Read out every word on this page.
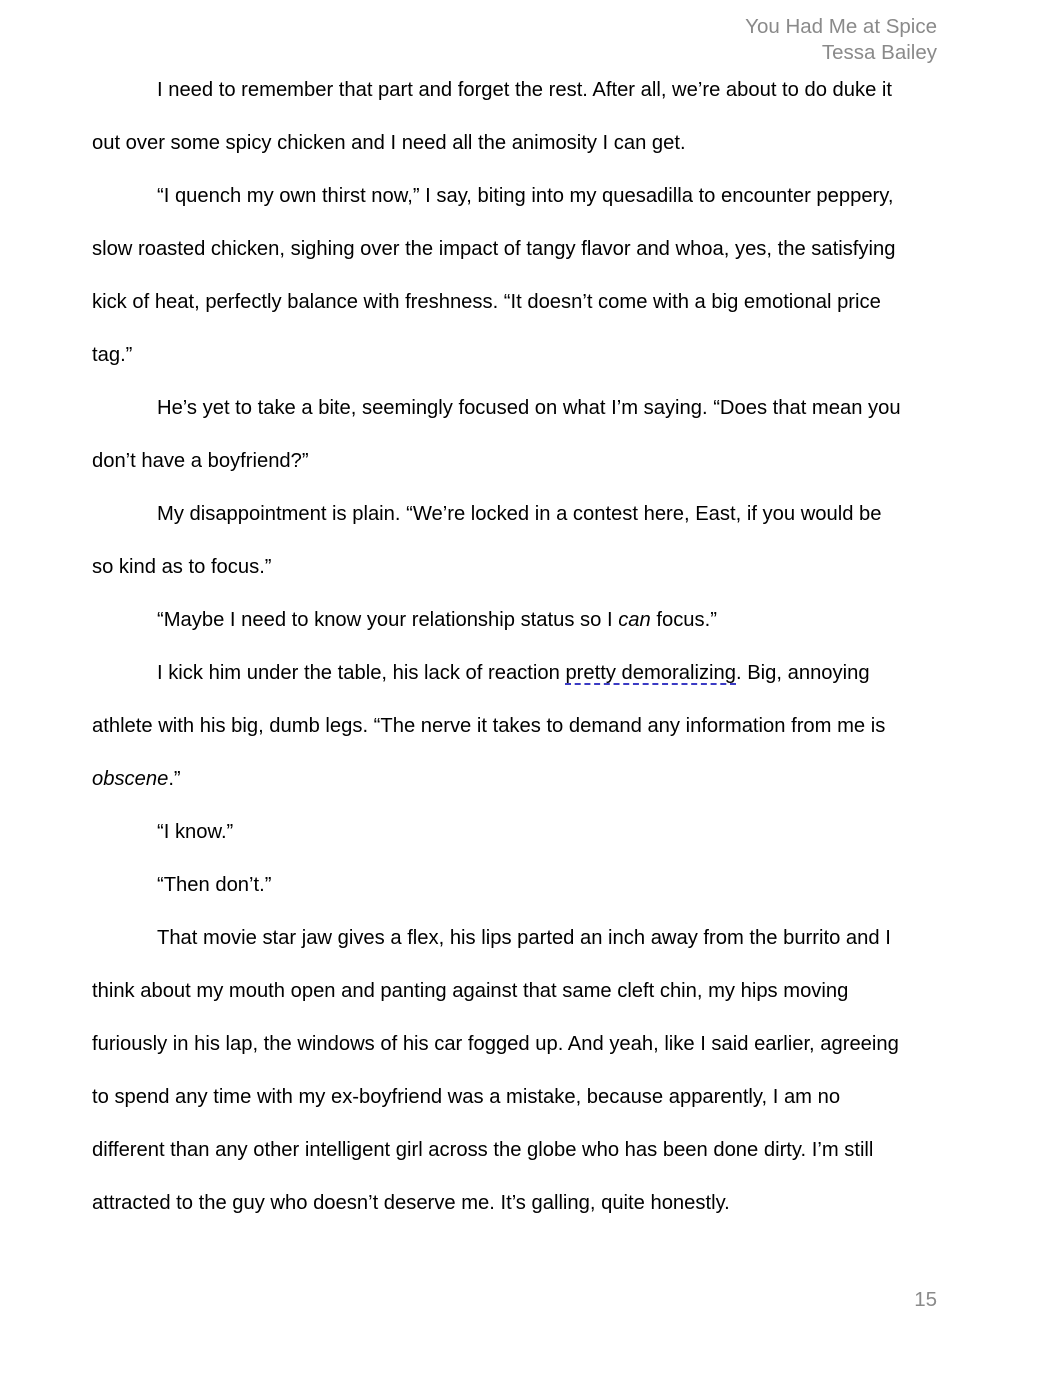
You Had Me at Spice
Tessa Bailey

I need to remember that part and forget the rest. After all, we’re about to do duke it
out over some spicy chicken and I need all the animosity I can get.

“I quench my own thirst now,” I say, biting into my quesadilla to encounter peppery,
slow roasted chicken, sighing over the impact of tangy flavor and whoa, yes, the satisfying
kick of heat, perfectly balance with freshness. “It doesn’t come with a big emotional price
tag.”

He’s yet to take a bite, seemingly focused on what I’m saying. “Does that mean you
don’t have a boyfriend?”

My disappointment is plain. “We’re locked in a contest here, East, if you would be
so kind as to focus.”

“Maybe I need to know your relationship status so I can focus.”

I kick him under the table, his lack of reaction pretty demoralizing. Big, annoying
athlete with his big, dumb legs. “The nerve it takes to demand any information from me is
obscene.”

“I know.”

“Then don’t.”

That movie star jaw gives a flex, his lips parted an inch away from the burrito and I
think about my mouth open and panting against that same cleft chin, my hips moving
furiously in his lap, the windows of his car fogged up. And yeah, like I said earlier, agreeing
to spend any time with my ex-boyfriend was a mistake, because apparently, I am no
different than any other intelligent girl across the globe who has been done dirty. I’m still
attracted to the guy who doesn’t deserve me. It’s galling, quite honestly.

15
